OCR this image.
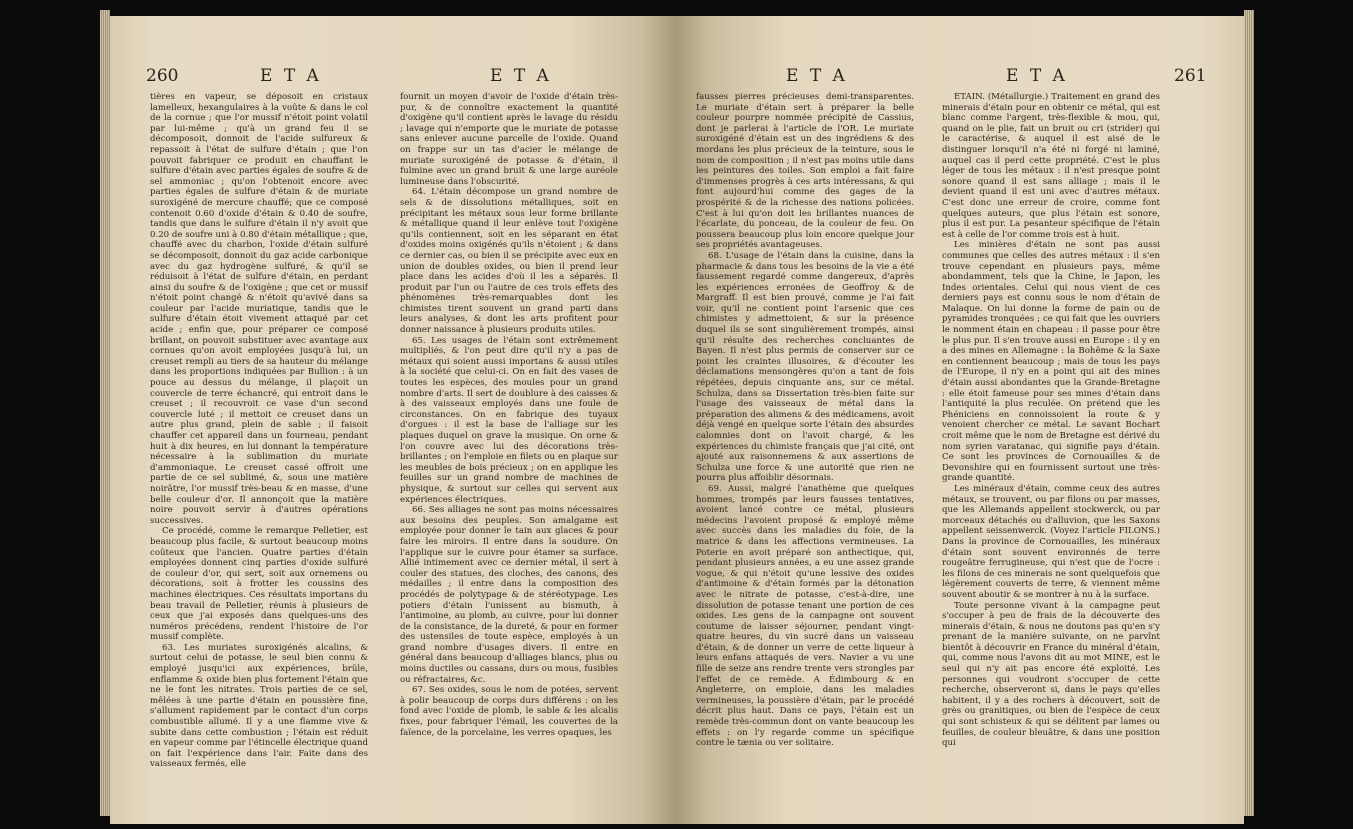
260	E T A	E T A

tières en vapeur, se déposoit en cristaux lamelleux, hexangulaires à la voûte & dans le col de la cornue ; que l'or mussif n'étoit point volatil par lui-même ; qu'à un grand feu il se décomposoit, donnoit de l'acide sulfureux & repassoit à l'état de sulfure d'étain ; que l'on pouvoit fabriquer ce produit en chauffant le sulfure d'étain avec parties égales de soufre & de sel ammoniac ; qu'on l'obtenoit encore avec parties égales de sulfure d'étain & de muriate suroxigéné de mercure chauffé; que ce composé contenoit 0.60 d'oxide d'étain & 0.40 de soufre, tandis que dans le sulfure d'étain il n'y avoit que 0.20 de soufre uni à 0.80 d'étain métallique ; que, chauffé avec du charbon, l'oxide d'étain sulfuré se décomposoit, donnoit du gaz acide carbonique avec du gaz hydrogène sulfuré, & qu'il se réduisoit à l'état de sulfure d'étain, en perdant ainsi du soufre & de l'oxigène ; que cet or mussif n'étoit point changé & n'étoit qu'avivé dans sa couleur par l'acide muriatique, tandis que le sulfure d'étain étoit vivement attaqué par cet acide ; enfin que, pour préparer ce composé brillant, on pouvoit substituer avec avantage aux cornues qu'on avoit employées jusqu'à lui, un creuset rempli au tiers de sa hauteur du mélange dans les proportions indiquées par Bullion : à un pouce au dessus du mélange, il plaçoit un couvercle de terre échancré, qui entroit dans le creuset ; il recouvroit ce vase d'un second couvercle luté ; il mettoit ce creuset dans un autre plus grand, plein de sable ; il faisoit chauffer cet appareil dans un fourneau, pendant huit à dix heures, en lui donnant la température nécessaire à la sublimation du muriate d'ammoniaque. Le creuset cassé offroit une partie de ce sel sublimé, &, sous une matière noirâtre, l'or mussif très-beau & en masse, d'une belle couleur d'or. Il annonçoit que la matière noire pouvoit servir à d'autres opérations successives.

Ce procédé, comme le remarque Pelletier, est beaucoup plus facile, & surtout beaucoup moins coûteux que l'ancien. Quatre parties d'étain employées donnent cinq parties d'oxide sulfuré de couleur d'or, qui sert, soit aux ornemens ou décorations, soit à frotter les coussins des machines électriques. Ces résultats importans du beau travail de Pelletier, réunis à plusieurs de ceux que j'ai exposés dans quelques-uns des numéros précédens, rendent l'histoire de l'or mussif complète.

63. Les muriates suroxigénés alcalins, & surtout celui de potasse, le seul bien connu & employé jusqu'ici aux expériences, brûle, enflamme & oxide bien plus fortement l'étain que ne le font les nitrates. Trois parties de ce sel, mêlées à une partie d'étain en poussière fine, s'allument rapidement par le contact d'un corps combustible allumé. Il y a une flamme vive & subite dans cette combustion ; l'étain est réduit en vapeur comme par l'étincelle électrique quand on fait l'expérience dans l'air. Faite dans des vaisseaux fermés, elle

fournit un moyen d'avoir de l'oxide d'étain très-pur, & de connoître exactement la quantité d'oxigène qu'il contient après le lavage du résidu ; lavage qui n'emporte que le muriate de potasse sans enlever aucune parcelle de l'oxide. Quand on frappe sur un tas d'acier le mélange de muriate suroxigéné de potasse & d'étain, il fulmine avec un grand bruit & une large auréole lumineuse dans l'obscurité.

64. L'étain décompose un grand nombre de sels & de dissolutions métalliques, soit en précipitant les métaux sous leur forme brillante & métallique quand il leur enlève tout l'oxigène qu'ils contiennent, soit en les séparant en état d'oxides moins oxigénés qu'ils n'étoient ; & dans ce dernier cas, ou bien il se précipite avec eux en union de doubles oxides, ou bien il prend leur place dans les acides d'où il les a séparés. Il produit par l'un ou l'autre de ces trois effets des phénomènes très-remarquables dont les chimistes tirent souvent un grand parti dans leurs analyses, & dont les arts profitent pour donner naissance à plusieurs produits utiles.

65. Les usages de l'étain sont extrêmement multipliés, & l'on peut dire qu'il n'y a pas de métaux qui soient aussi importans & aussi utiles à la société que celui-ci. On en fait des vases de toutes les espèces, des moules pour un grand nombre d'arts. Il sert de doublure à des caisses & à des vaisseaux employés dans une foule de circonstances. On en fabrique des tuyaux d'orgues : il est la base de l'alliage sur les plaques duquel on grave la musique. On orne & l'on couvre avec lui des décorations très-brillantes ; on l'emploie en filets ou en plaque sur les meubles de bois précieux ; on en applique les feuilles sur un grand nombre de machines de physique, & surtout sur celles qui servent aux expériences électriques.

66. Ses alliages ne sont pas moins nécessaires aux besoins des peuples. Son amalgame est employée pour donner le tain aux glaces & pour faire les miroirs. Il entre dans la soudure. On l'applique sur le cuivre pour étamer sa surface. Allié intimement avec ce dernier métal, il sert à couler des statues, des cloches, des canons, des médailles ; il entre dans la composition des procédés de polytypage & de stéréotypage. Les potiers d'étain l'unissent au bismuth, à l'antimoine, au plomb, au cuivre, pour lui donner de la consistance, de la dureté, & pour en former des ustensiles de toute espèce, employés à un grand nombre d'usages divers. Il entre en général dans beaucoup d'alliages blancs, plus ou moins ductiles ou cassans, durs ou mous, fusibles ou réfractaires, &c.

67. Ses oxides, sous le nom de potées, servent à polir beaucoup de corps durs différens : on les fond avec l'oxide de plomb, le sable & les alcalis fixes, pour fabriquer l'émail, les couvertes de la faïence, de la porcelaine, les verres opaques, les

E T A	E T A	261

fausses pierres précieuses demi-transparentes. Le muriate d'étain sert à préparer la belle couleur pourpre nommée précipité de Cassius, dont je parlerai à l'article de l'OR. Le muriate suroxigéné d'étain est un des ingrédiens & des mordans les plus précieux de la teinture, sous le nom de composition ; il n'est pas moins utile dans les peintures des toiles. Son emploi a fait faire d'immenses progrès à ces arts intéressans, & qui font aujourd'hui comme des gages de la prospérité & de la richesse des nations policées. C'est à lui qu'on doit les brillantes nuances de l'écarlate, du ponceau, de la couleur de feu. On poussera beaucoup plus loin encore quelque jour ses propriétés avantageuses.

68. L'usage de l'étain dans la cuisine, dans la pharmacie & dans tous les besoins de la vie a été faussement regardé comme dangereux, d'après les expériences erronées de Geoffroy & de Margraff. Il est bien prouvé, comme je l'ai fait voir, qu'il ne contient point l'arsenic que ces chimistes y admettoient, & sur la présence duquel ils se sont singulièrement trompés, ainsi qu'il résulte des recherches concluantes de Bayen. Il n'est plus permis de conserver sur ce point les craintes illusoires, & d'écouter les déclamations mensongères qu'on a tant de fois répétées, depuis cinquante ans, sur ce métal. Schulza, dans sa Dissertation très-bien faite sur l'usage des vaisseaux de métal dans la préparation des alimens & des médicamens, avoit déjà vengé en quelque sorte l'étain des absurdes calomnies dont on l'avoit chargé, & les expériences du chimiste français que j'ai cité, ont ajouté aux raisonnemens & aux assertions de Schulza une force & une autorité que rien ne pourra plus affoiblir désormais.

69. Aussi, malgré l'anathème que quelques hommes, trompés par leurs fausses tentatives, avoient lancé contre ce métal, plusieurs médecins l'avoient proposé & employé même avec succès dans les maladies du foie, de la matrice & dans les affections vermineuses. La Poterie en avoit préparé son anthectique, qui, pendant plusieurs années, a eu une assez grande vogue, & qui n'étoit qu'une lessive des oxides d'antimoine & d'étain formés par la détonation avec le nitrate de potasse, c'est-à-dire, une dissolution de potasse tenant une portion de ces oxides. Les gens de la campagne ont souvent coutume de laisser séjourner, pendant vingt-quatre heures, du vin sucré dans un vaisseau d'étain, & de donner un verre de cette liqueur à leurs enfans attaqués de vers. Navier a vu une fille de seize ans rendre trente vers strongles par l'effet de ce remède. A Édimbourg & en Angleterre, on emploie, dans les maladies vermineuses, la poussière d'étain, par le procédé décrit plus haut. Dans ce pays, l'étain est un remède très-commun dont on vante beaucoup les effets : on l'y regarde comme un spécifique contre le tænia ou ver solitaire.

ÉTAIN. (Métallurgie.) Traitement en grand des minerais d'étain pour en obtenir ce métal, qui est blanc comme l'argent, très-flexible & mou, qui, quand on le plie, fait un bruit ou cri (strider) qui le caractérise, & auquel il est aisé de le distinguer lorsqu'il n'a été ni forgé ni laminé, auquel cas il perd cette propriété. C'est le plus léger de tous les métaux : il n'est presque point sonore quand il est sans alliage ; mais il le devient quand il est uni avec d'autres métaux. C'est donc une erreur de croire, comme font quelques auteurs, que plus l'étain est sonore, plus il est pur. La pesanteur spécifique de l'étain est à celle de l'or comme trois est à huit.

Les minières d'étain ne sont pas aussi communes que celles des autres métaux : il s'en trouve cependant en plusieurs pays, même abondamment, tels que la Chine, le Japon, les Indes orientales. Celui qui nous vient de ces derniers pays est connu sous le nom d'étain de Malaque. On lui donne la forme de pain ou de pyramides tronquées ; ce qui fait que les ouvriers le nomment étain en chapeau : il passe pour être le plus pur. Il s'en trouve aussi en Europe : il y en a des mines en Allemagne : la Bohême & la Saxe en contiennent beaucoup ; mais de tous les pays de l'Europe, il n'y en a point qui ait des mines d'étain aussi abondantes que la Grande-Bretagne : elle étoit fameuse pour ses mines d'étain dans l'antiquité la plus reculée. On prétend que les Phéniciens en connoissoient la route & y venoient chercher ce métal. Le savant Bochart croit même que le nom de Bretagne est dérivé du nom syrien varatanac, qui signifie pays d'étain. Ce sont les provinces de Cornouailles & de Devonshire qui en fournissent surtout une très-grande quantité.

Les minéraux d'étain, comme ceux des autres métaux, se trouvent, ou par filons ou par masses, que les Allemands appellent stockwerck, ou par morceaux détachés ou d'alluvion, que les Saxons appellent seissenwerck. (Voyez l'article FILONS.) Dans la province de Cornouailles, les minéraux d'étain sont souvent environnés de terre rougeâtre ferrugineuse, qui n'est que de l'ocre : les filons de ces minerais ne sont quelquefois que légèrement couverts de terre, & viennent même souvent aboutir & se montrer à nu à la surface.

Toute personne vivant à la campagne peut s'occuper à peu de frais de la découverte des minerais d'étain, & nous ne doutons pas qu'en s'y prenant de la manière suivante, on ne parvînt bientôt à découvrir en France du minéral d'étain, qui, comme nous l'avons dit au mot MINE, est le seul qui n'y ait pas encore été exploité. Les personnes qui voudront s'occuper de cette recherche, observeront si, dans le pays qu'elles habitent, il y a des rochers à découvert, soit de grès ou granitiques, ou bien de l'espèce de ceux qui sont schisteux & qui se délitent par lames ou feuilles, de couleur bleuâtre, & dans une position qui
